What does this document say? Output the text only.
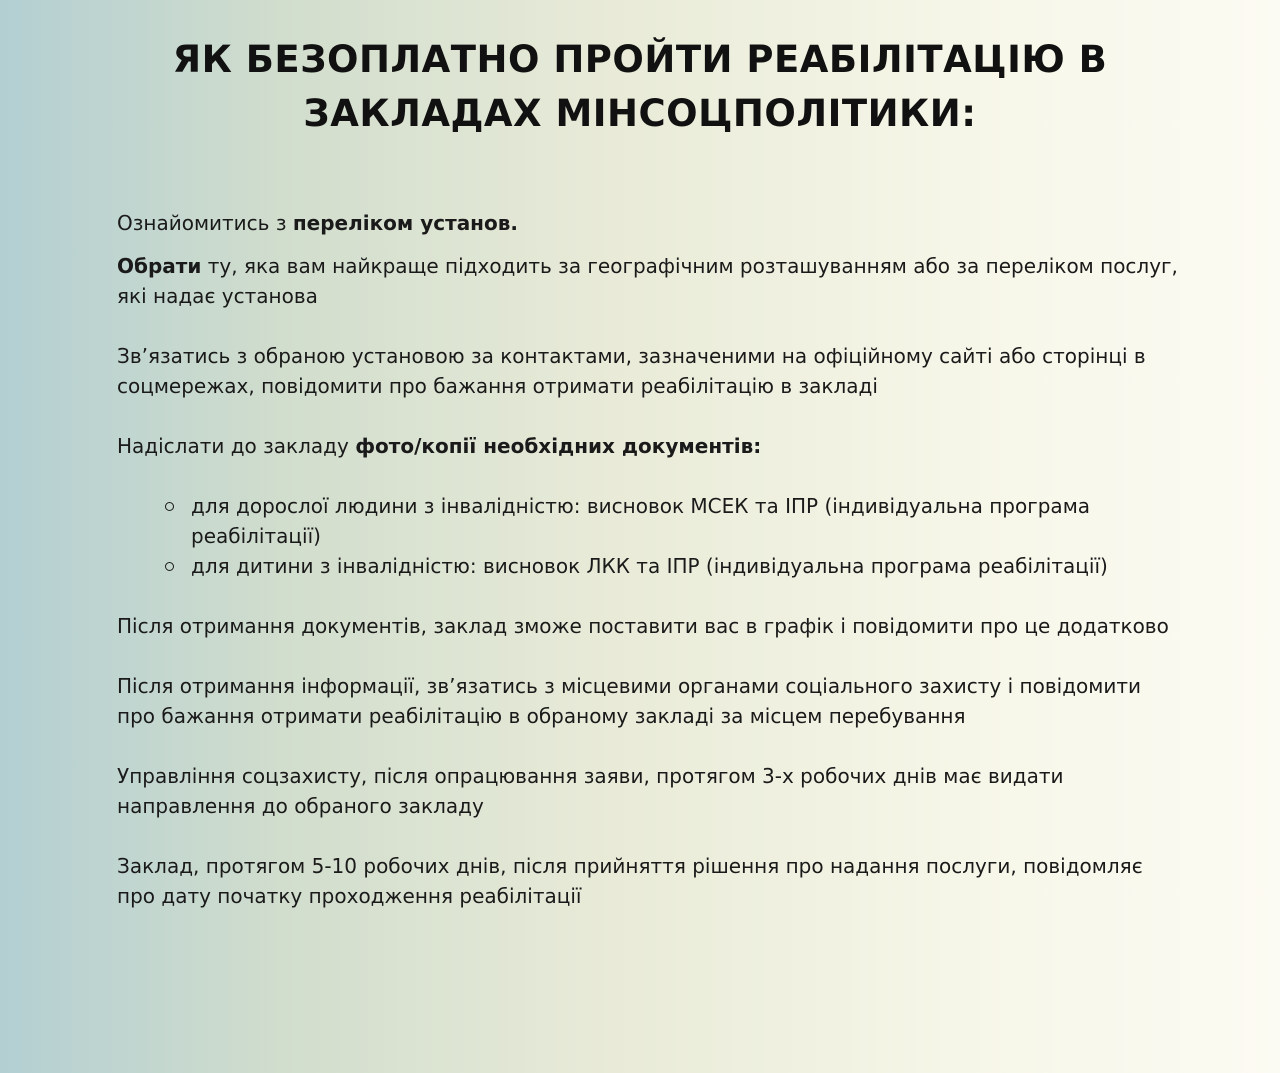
ЯК БЕЗОПЛАТНО ПРОЙТИ РЕАБІЛІТАЦІЮ В
ЗАКЛАДАХ МІНСОЦПОЛІТИКИ:

Ознайомитись з переліком установ.

Обрати ту, яка вам найкраще підходить за географічним розташуванням або за переліком послуг, які надає установа

Зв’язатись з обраною установою за контактами, зазначеними на офіційному сайті або сторінці в соцмережах, повідомити про бажання отримати реабілітацію в закладі

Надіслати до закладу фото/копії необхідних документів:

для дорослої людини з інвалідністю: висновок МСЕК та ІПР (індивідуальна програма реабілітації)
для дитини з інвалідністю: висновок ЛКК та ІПР (індивідуальна програма реабілітації)

Після отримання документів, заклад зможе поставити вас в графік і повідомити про це додатково

Після отримання інформації, зв’язатись з місцевими органами соціального захисту і повідомити про бажання отримати реабілітацію в обраному закладі за місцем перебування

Управління соцзахисту, після опрацювання заяви, протягом 3-х робочих днів має видати направлення до обраного закладу

Заклад, протягом 5-10 робочих днів, після прийняття рішення про надання послуги, повідомляє про дату початку проходження реабілітації
